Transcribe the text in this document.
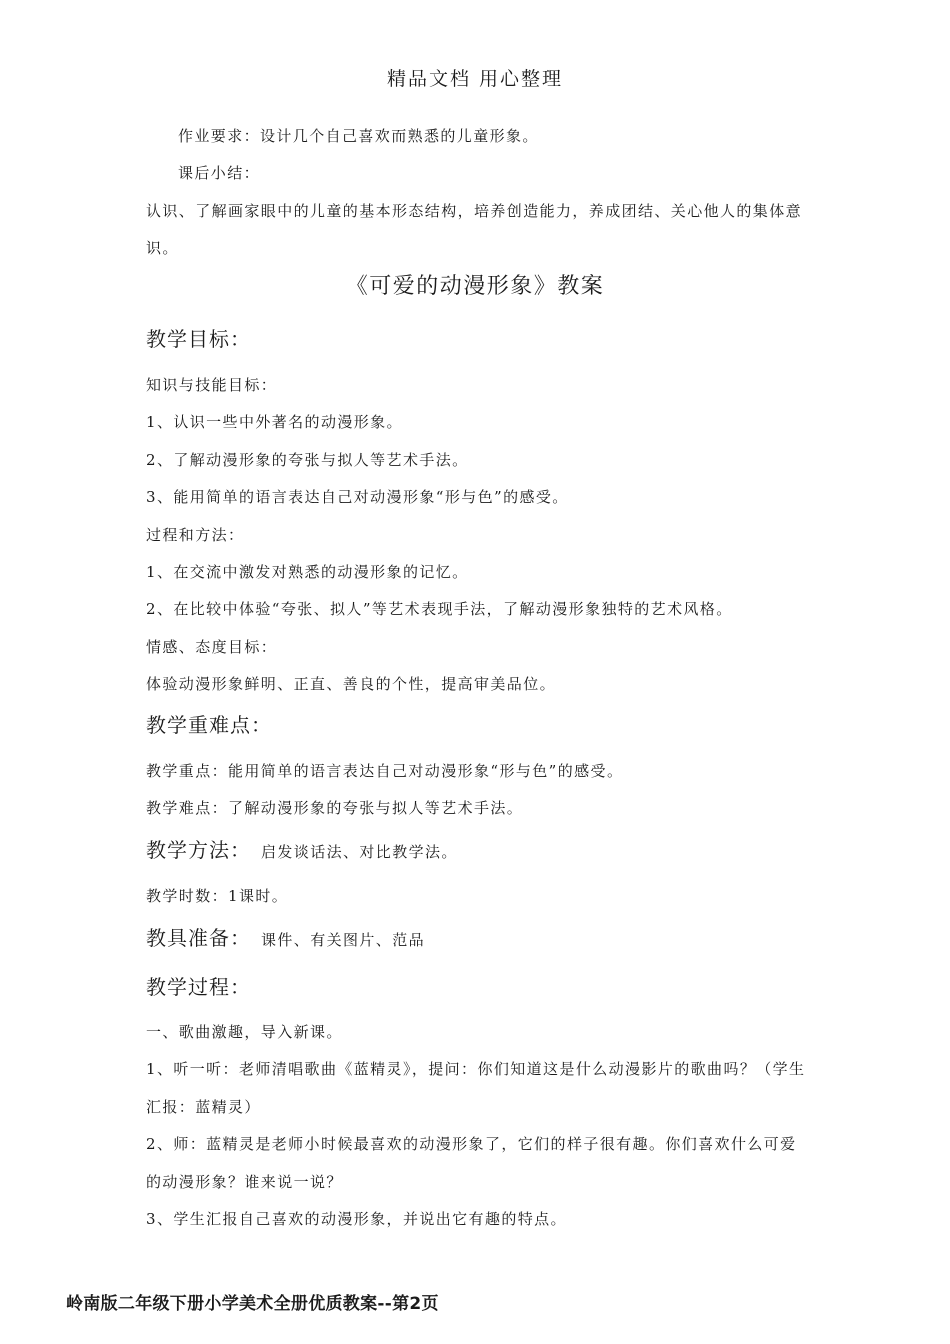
精品文档 用心整理
作业要求：设计几个自己喜欢而熟悉的儿童形象。
课后小结：
认识、了解画家眼中的儿童的基本形态结构，培养创造能力，养成团结、关心他人的集体意
识。
《可爱的动漫形象》教案
教学目标：
知识与技能目标：
1、认识一些中外著名的动漫形象。
2、了解动漫形象的夸张与拟人等艺术手法。
3、能用简单的语言表达自己对动漫形象“形与色”的感受。
过程和方法：
1、在交流中激发对熟悉的动漫形象的记忆。
2、在比较中体验“夸张、拟人”等艺术表现手法，了解动漫形象独特的艺术风格。
情感、态度目标：
体验动漫形象鲜明、正直、善良的个性，提高审美品位。
教学重难点：
教学重点：能用简单的语言表达自己对动漫形象“形与色”的感受。
教学难点：了解动漫形象的夸张与拟人等艺术手法。
教学方法： 启发谈话法、对比教学法。
教学时数：1课时。
教具准备： 课件、有关图片、范品
教学过程：
一、歌曲激趣，导入新课。
1、听一听：老师清唱歌曲《蓝精灵》，提问：你们知道这是什么动漫影片的歌曲吗？（学生
汇报：蓝精灵）
2、师：蓝精灵是老师小时候最喜欢的动漫形象了，它们的样子很有趣。你们喜欢什么可爱
的动漫形象？谁来说一说？
3、学生汇报自己喜欢的动漫形象，并说出它有趣的特点。
岭南版二年级下册小学美术全册优质教案--第2页
